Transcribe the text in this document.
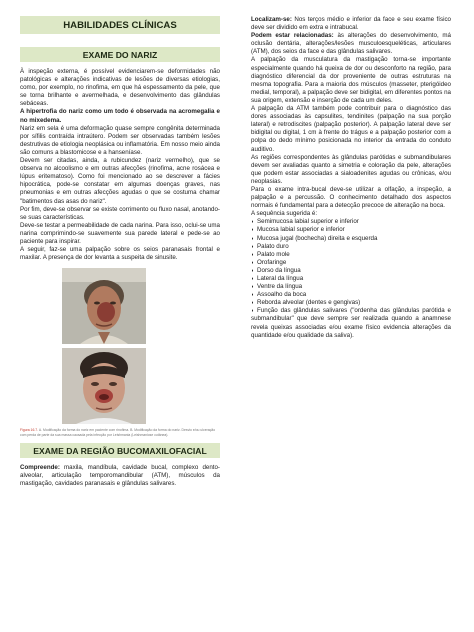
HABILIDADES CLÍNICAS
EXAME DO NARIZ

À inspeção externa, é possível evidenciarem-se deformidades não patológicas e alterações indicativas de lesões de diversas etiologias, como, por exemplo, no rinofima, em que há espessamento da pele, que se torna brilhante e avermelhada, e desenvolvimento das glândulas sebáceas.

A hipertrofia do nariz como um todo é observada na acromegalia e no mixedema.

Nariz em sela é uma deformação quase sempre congênita determinada por sífilis contraída intraútero. Podem ser observadas também lesões destrutivas de etiologia neoplásica ou inflamatória. Em nosso meio ainda são comuns a blastomicose e a hanseníase.

Devem ser citadas, ainda, a rubicundez (nariz vermelho), que se observa no alcoolismo e em outras afecções (rinofima, acne rosácea e lúpus eritematoso). Como foi mencionado ao se descrever a fácies hipocrática, pode-se constatar em algumas doenças graves, nas pneumonias e em outras afecções agudas o que se costuma chamar "batimentos das asas do nariz".

Por fim, deve-se observar se existe corrimento ou fluxo nasal, anotando-se suas características.

Deve-se testar a permeabilidade de cada narina. Para isso, oclui-se uma narina comprimindo-se suavemente sua parede lateral e pede-se ao paciente para inspirar.

A seguir, faz-se uma palpação sobre os seios paranasais frontal e maxilar. A presença de dor levanta a suspeita de sinusite.

Figura 16.7. A. Modificação da forma do nariz em paciente com rinofima. B. Modificação da forma do nariz. Desvio e/ou ulceração com perda de parte da sua massa causada pela infecção por Leishmania (Leishmaniose cutânea).
EXAME DA REGIÃO BUCOMAXILOFACIAL

Compreende: maxila, mandíbula, cavidade bucal, complexo dento-alveolar, articulação temporomandibular (ATM), músculos da mastigação, cavidades paranasais e glândulas salivares.

Localizam-se: Nos terços médio e inferior da face e seu exame físico deve ser dividido em extra e intrabucal.

Podem estar relacionadas: às alterações do desenvolvimento, má oclusão dentária, alterações/lesões musculoesqueléticas, articulares (ATM), dos seios da face e das glândulas salivares.

A palpação da musculatura da mastigação torna-se importante especialmente quando há queixa de dor ou desconforto na região, para diagnóstico diferencial da dor proveniente de outras estruturas na mesma topografia. Para a maioria dos músculos (masseter, pterigóideo medial, temporal), a palpação deve ser bidigital, em diferentes pontos na sua origem, extensão e inserção de cada um deles.

A palpação da ATM também pode contribuir para o diagnóstico das dores associadas às capsulites, tendinites (palpação na sua porção lateral) e retrodiscites (palpação posterior). A palpação lateral deve ser bidigital ou digital, 1 cm à frente do trágus e a palpação posterior com a polpa do dedo mínimo posicionada no interior da entrada do conduto auditivo.

As regiões correspondentes às glândulas parótidas e submandibulares devem ser avaliadas quanto a simetria e coloração da pele, alterações que podem estar associadas a sialoadenites agudas ou crônicas, e/ou neoplasias.

Para o exame intra-bucal deve-se utilizar a olfação, a inspeção, a palpação e a percussão. O conhecimento detalhado dos aspectos normais é fundamental para a detecção precoce de alteração na boca.

A sequência sugerida é:

◗ Semimucosa labial superior e inferior
◗ Mucosa labial superior e inferior
◗ Mucosa jugal (bochecha) direita e esquerda
◗ Palato duro
◗ Palato mole
◗ Orofaringe
◗ Dorso da língua
◗ Lateral da língua
◗ Ventre da língua
◗ Assoalho da boca
◗ Reborda alveolar (dentes e gengivas)
◗ Função das glândulas salivares ("ordenha das glândulas parótida e submandibular" que deve sempre ser realizada quando a anamnese revela queixas associadas e/ou exame físico evidencia alterações da quantidade e/ou qualidade da saliva).
